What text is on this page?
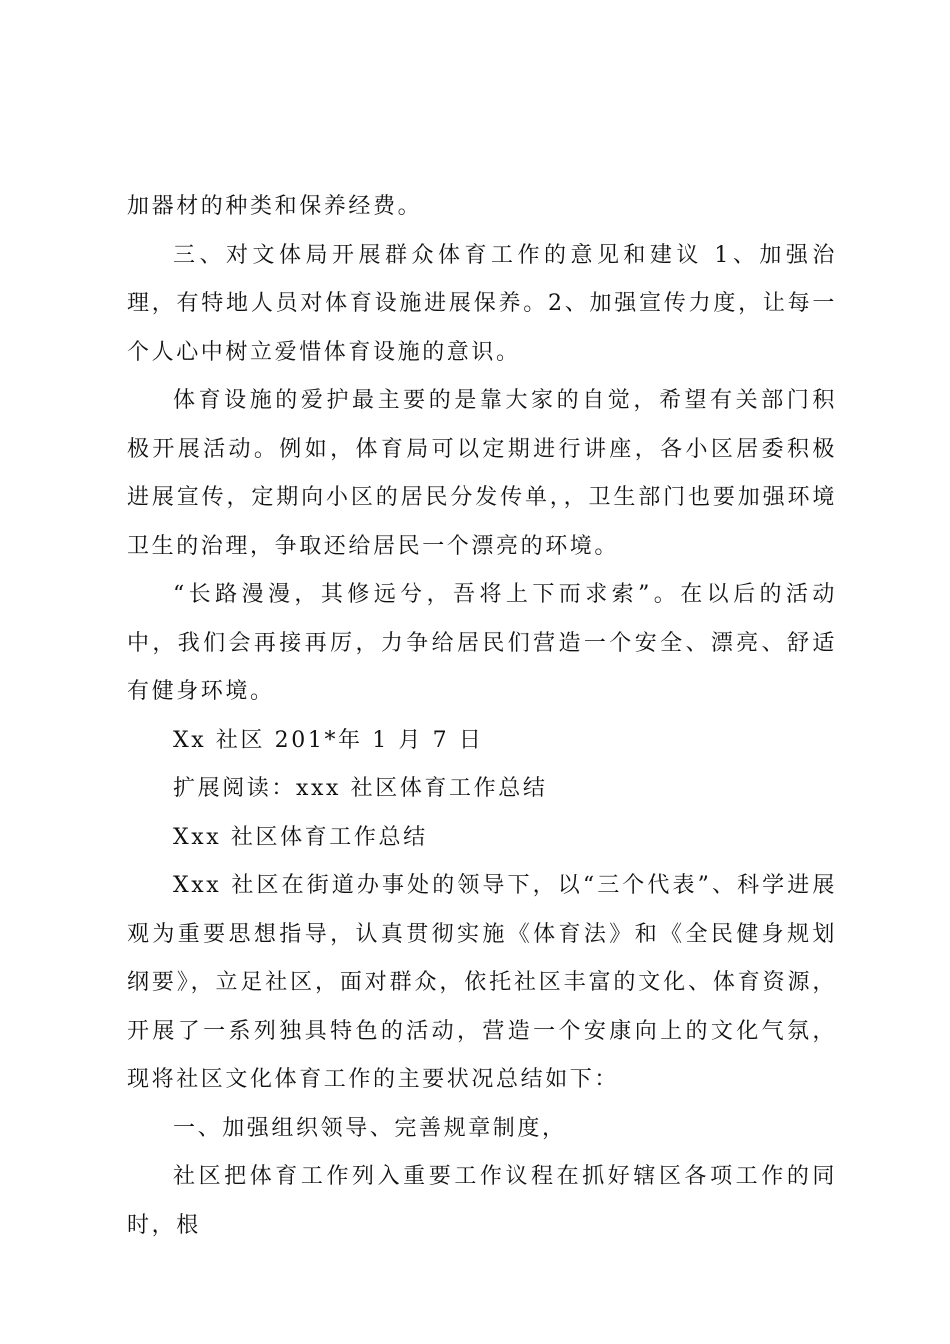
加器材的种类和保养经费。

三、对文体局开展群众体育工作的意见和建议 1、加强治理，有特地人员对体育设施进展保养。2、加强宣传力度，让每一个人心中树立爱惜体育设施的意识。

体育设施的爱护最主要的是靠大家的自觉，希望有关部门积极开展活动。例如，体育局可以定期进行讲座，各小区居委积极进展宣传，定期向小区的居民分发传单，，卫生部门也要加强环境卫生的治理，争取还给居民一个漂亮的环境。

“长路漫漫，其修远兮，吾将上下而求索”。在以后的活动中，我们会再接再厉，力争给居民们营造一个安全、漂亮、舒适有健身环境。

Xx 社区 201*年 1 月 7 日

扩展阅读：xxx 社区体育工作总结

Xxx 社区体育工作总结

Xxx 社区在街道办事处的领导下，以“三个代表”、科学进展观为重要思想指导，认真贯彻实施《体育法》和《全民健身规划纲要》，立足社区，面对群众，依托社区丰富的文化、体育资源，开展了一系列独具特色的活动，营造一个安康向上的文化气氛，现将社区文化体育工作的主要状况总结如下：

一、加强组织领导、完善规章制度，

社区把体育工作列入重要工作议程在抓好辖区各项工作的同时，根
